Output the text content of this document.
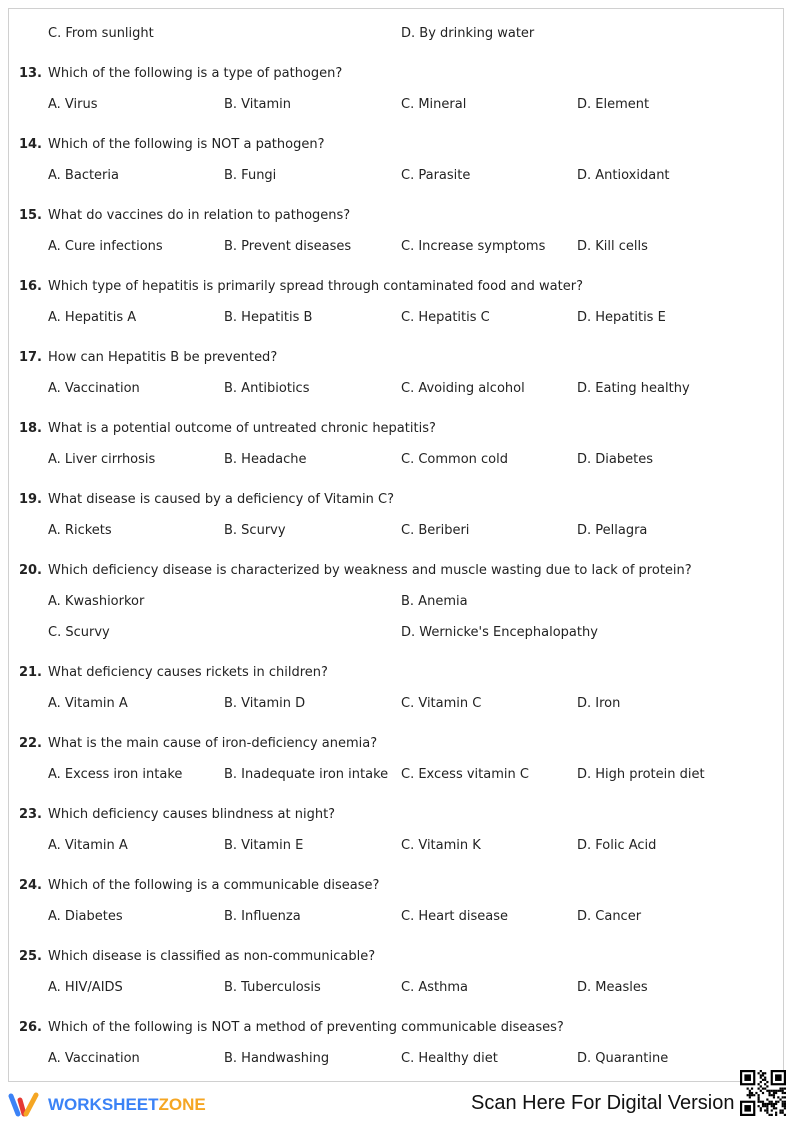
C. From sunlight	D. By drinking water
13. Which of the following is a type of pathogen?
A. Virus	B. Vitamin	C. Mineral	D. Element
14. Which of the following is NOT a pathogen?
A. Bacteria	B. Fungi	C. Parasite	D. Antioxidant
15. What do vaccines do in relation to pathogens?
A. Cure infections	B. Prevent diseases	C. Increase symptoms D. Kill cells
16. Which type of hepatitis is primarily spread through contaminated food and water?
A. Hepatitis A	B. Hepatitis B	C. Hepatitis C	D. Hepatitis E
17. How can Hepatitis B be prevented?
A. Vaccination	B. Antibiotics	C. Avoiding alcohol	D. Eating healthy
18. What is a potential outcome of untreated chronic hepatitis?
A. Liver cirrhosis	B. Headache	C. Common cold	D. Diabetes
19. What disease is caused by a deficiency of Vitamin C?
A. Rickets	B. Scurvy	C. Beriberi	D. Pellagra
20. Which deficiency disease is characterized by weakness and muscle wasting due to lack of protein?
A. Kwashiorkor	B. Anemia
C. Scurvy	D. Wernicke's Encephalopathy
21. What deficiency causes rickets in children?
A. Vitamin A	B. Vitamin D	C. Vitamin C	D. Iron
22. What is the main cause of iron-deficiency anemia?
A. Excess iron intake	B. Inadequate iron intake C. Excess vitamin C	D. High protein diet
23. Which deficiency causes blindness at night?
A. Vitamin A	B. Vitamin E	C. Vitamin K	D. Folic Acid
24. Which of the following is a communicable disease?
A. Diabetes	B. Influenza	C. Heart disease	D. Cancer
25. Which disease is classified as non-communicable?
A. HIV/AIDS	B. Tuberculosis	C. Asthma	D. Measles
26. Which of the following is NOT a method of preventing communicable diseases?
A. Vaccination	B. Handwashing	C. Healthy diet	D. Quarantine
WORKSHEETZONE	Scan Here For Digital Version
